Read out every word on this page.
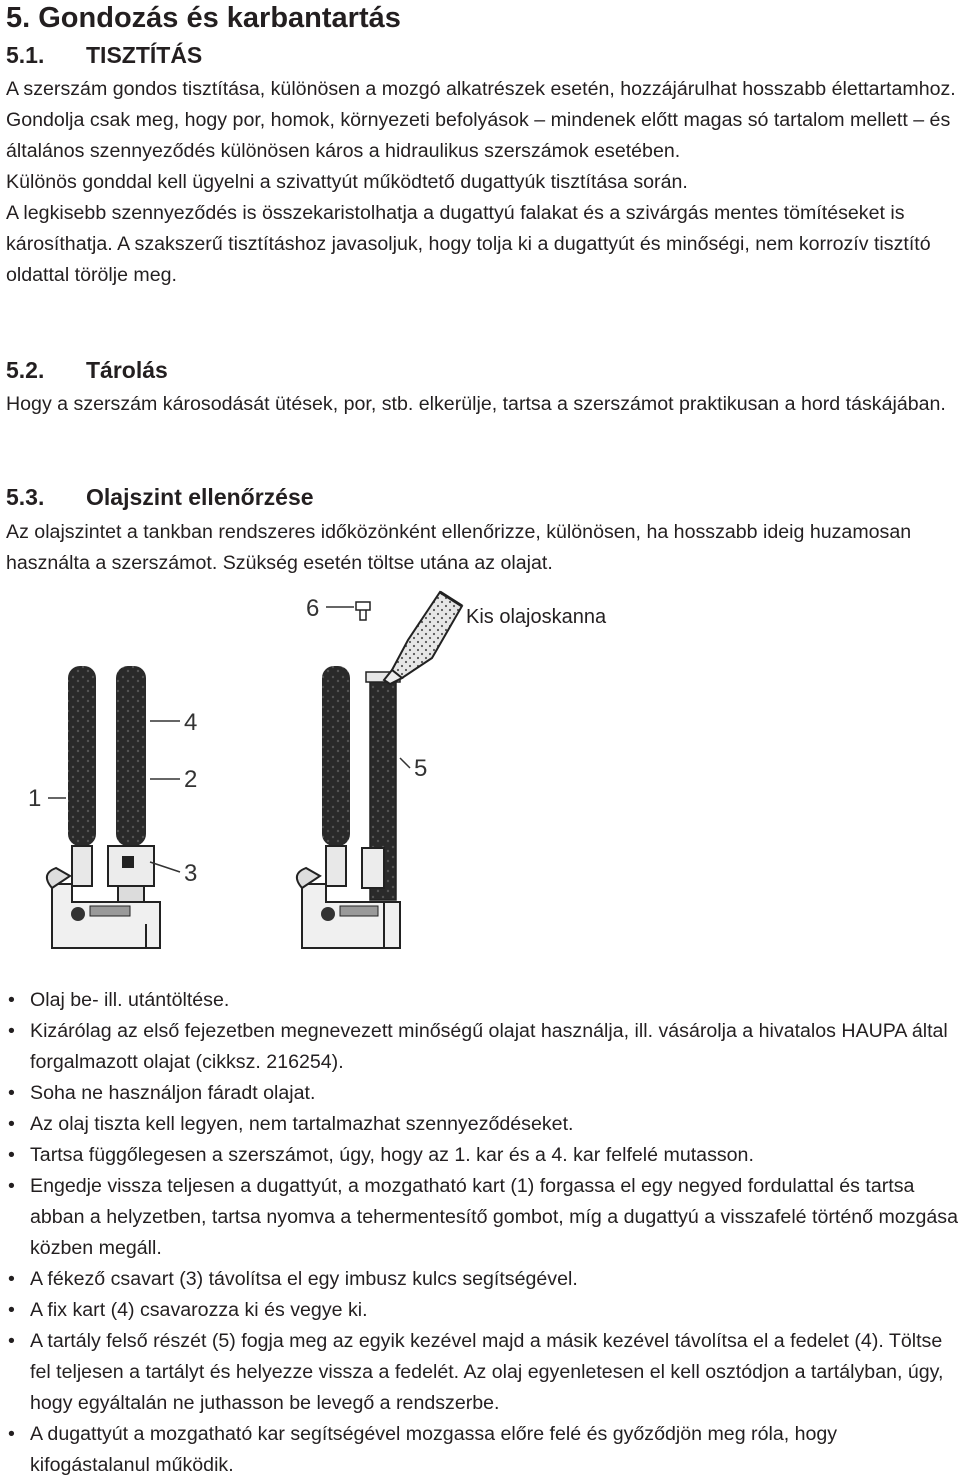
5. Gondozás és karbantartás
5.1. TISZTÍTÁS

A szerszám gondos tisztítása, különösen a mozgó alkatrészek esetén, hozzájárulhat hosszabb élettartamhoz. Gondolja csak meg, hogy por, homok, környezeti befolyások – mindenek előtt magas só tartalom mellett – és általános szennyeződés különösen káros a hidraulikus szerszámok esetében.
Különös gonddal kell ügyelni a szivattyút működtető dugattyúk tisztítása során.
A legkisebb szennyeződés is összekaristolhatja a dugattyú falakat és a szivárgás mentes tömítéseket is károsíthatja. A szakszerű tisztításhoz javasoljuk, hogy tolja ki a dugattyút és minőségi, nem korrozív tisztító oldattal törölje meg.

5.2. Tárolás

Hogy a szerszám károsodását ütések, por, stb. elkerülje, tartsa a szerszámot praktikusan a hord táskájában.

5.3. Olajszint ellenőrzése

Az olajszintet a tankban rendszeres időközönként ellenőrizze, különösen, ha hosszabb ideig huzamosan használta a szerszámot. Szükség esetén töltse utána az olajat.

4
2
1
3
6
5
Kis olajoskanna
• Olaj be- ill. utántöltése.
• Kizárólag az első fejezetben megnevezett minőségű olajat használja, ill. vásárolja a hivatalos HAUPA által forgalmazott olajat (cikksz. 216254).
• Soha ne használjon fáradt olajat.
• Az olaj tiszta kell legyen, nem tartalmazhat szennyeződéseket.
• Tartsa függőlegesen a szerszámot, úgy, hogy az 1. kar és a 4. kar felfelé mutasson.
• Engedje vissza teljesen a dugattyút, a mozgatható kart (1) forgassa el egy negyed fordulattal és tartsa abban a helyzetben, tartsa nyomva a tehermentesítő gombot, míg a dugattyú a visszafelé történő mozgása közben megáll.
• A fékező csavart (3) távolítsa el egy imbusz kulcs segítségével.
• A fix kart (4) csavarozza ki és vegye ki.
• A tartály felső részét (5) fogja meg az egyik kezével majd a másik kezével távolítsa el a fedelet (4). Töltse fel teljesen a tartályt és helyezze vissza a fedelét. Az olaj egyenletesen el kell osztódjon a tartályban, úgy, hogy egyáltalán ne juthasson be levegő a rendszerbe.
• A dugattyút a mozgatható kar segítségével mozgassa előre felé és győződjön meg róla, hogy kifogástalanul működik.
